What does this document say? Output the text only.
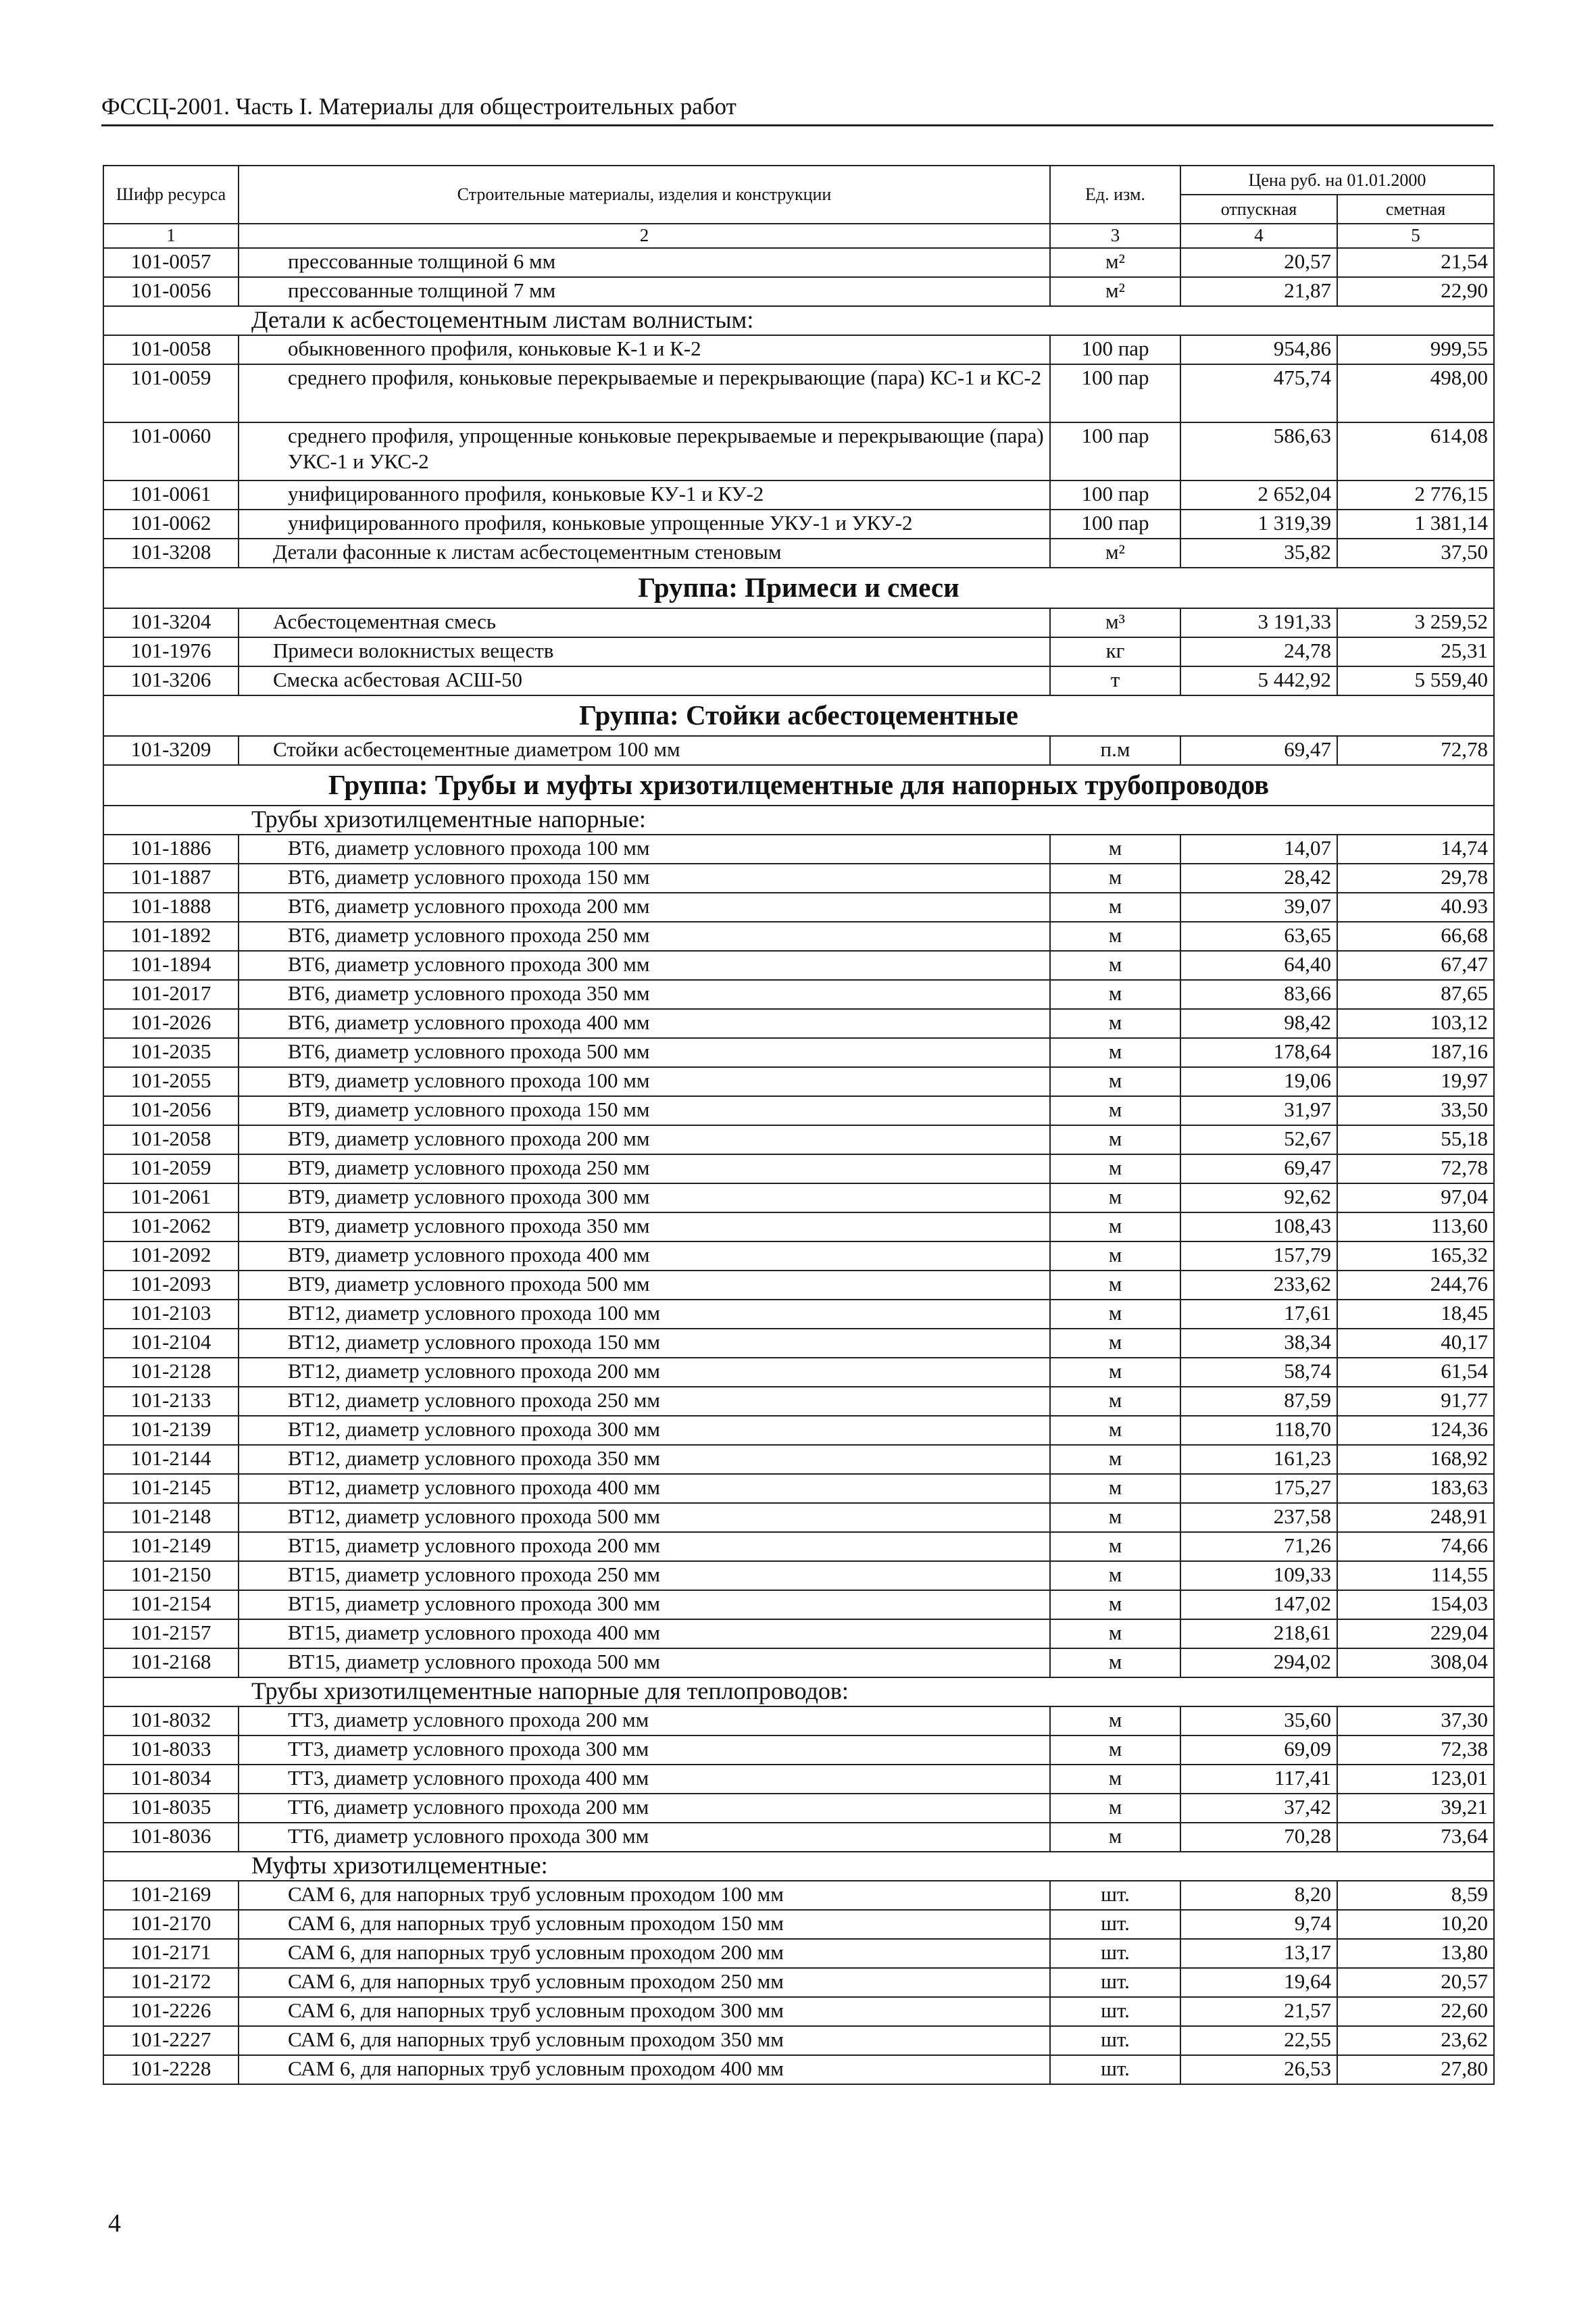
ФССЦ-2001. Часть I. Материалы для общестроительных работ
Шифр ресурса	Строительные материалы, изделия и конструкции	Ед. изм.	Цена руб. на 01.01.2000	
			отпускная	сметная
1	2	3	4	5
101-0057	прессованные толщиной 6 мм	м²	20,57	21,54
101-0056	прессованные толщиной 7 мм	м²	21,87	22,90
Детали к асбестоцементным листам волнистым:				
101-0058	обыкновенного профиля, коньковые К-1 и К-2	100 пар	954,86	999,55
101-0059	среднего профиля, коньковые перекрываемые и перекрывающие (пара) КС-1 и КС-2	100 пар	475,74	498,00
101-0060	среднего профиля, упрощенные коньковые перекрываемые и перекрывающие (пара) УКС-1 и УКС-2	100 пар	586,63	614,08
101-0061	унифицированного профиля, коньковые КУ-1 и КУ-2	100 пар	2 652,04	2 776,15
101-0062	унифицированного профиля, коньковые упрощенные УКУ-1 и УКУ-2	100 пар	1 319,39	1 381,14
101-3208	Детали фасонные к листам асбестоцементным стеновым	м²	35,82	37,50
Группа: Примеси и смеси				
101-3204	Асбестоцементная смесь	м³	3 191,33	3 259,52
101-1976	Примеси волокнистых веществ	кг	24,78	25,31
101-3206	Смеска асбестовая АСШ-50	т	5 442,92	5 559,40
Группа: Стойки асбестоцементные				
101-3209	Стойки асбестоцементные диаметром 100 мм	п.м	69,47	72,78
Группа: Трубы и муфты хризотилцементные для напорных трубопроводов				
Трубы хризотилцементные напорные:				
101-1886	ВТ6, диаметр условного прохода 100 мм	м	14,07	14,74
101-1887	ВТ6, диаметр условного прохода 150 мм	м	28,42	29,78
101-1888	ВТ6, диаметр условного прохода 200 мм	м	39,07	40.93
101-1892	ВТ6, диаметр условного прохода 250 мм	м	63,65	66,68
101-1894	ВТ6, диаметр условного прохода 300 мм	м	64,40	67,47
101-2017	ВТ6, диаметр условного прохода 350 мм	м	83,66	87,65
101-2026	ВТ6, диаметр условного прохода 400 мм	м	98,42	103,12
101-2035	ВТ6, диаметр условного прохода 500 мм	м	178,64	187,16
101-2055	ВТ9, диаметр условного прохода 100 мм	м	19,06	19,97
101-2056	ВТ9, диаметр условного прохода 150 мм	м	31,97	33,50
101-2058	ВТ9, диаметр условного прохода 200 мм	м	52,67	55,18
101-2059	ВТ9, диаметр условного прохода 250 мм	м	69,47	72,78
101-2061	ВТ9, диаметр условного прохода 300 мм	м	92,62	97,04
101-2062	ВТ9, диаметр условного прохода 350 мм	м	108,43	113,60
101-2092	ВТ9, диаметр условного прохода 400 мм	м	157,79	165,32
101-2093	ВТ9, диаметр условного прохода 500 мм	м	233,62	244,76
101-2103	ВТ12, диаметр условного прохода 100 мм	м	17,61	18,45
101-2104	ВТ12, диаметр условного прохода 150 мм	м	38,34	40,17
101-2128	ВТ12, диаметр условного прохода 200 мм	м	58,74	61,54
101-2133	ВТ12, диаметр условного прохода 250 мм	м	87,59	91,77
101-2139	ВТ12, диаметр условного прохода 300 мм	м	118,70	124,36
101-2144	ВТ12, диаметр условного прохода 350 мм	м	161,23	168,92
101-2145	ВТ12, диаметр условного прохода 400 мм	м	175,27	183,63
101-2148	ВТ12, диаметр условного прохода 500 мм	м	237,58	248,91
101-2149	ВТ15, диаметр условного прохода 200 мм	м	71,26	74,66
101-2150	ВТ15, диаметр условного прохода 250 мм	м	109,33	114,55
101-2154	ВТ15, диаметр условного прохода 300 мм	м	147,02	154,03
101-2157	ВТ15, диаметр условного прохода 400 мм	м	218,61	229,04
101-2168	ВТ15, диаметр условного прохода 500 мм	м	294,02	308,04
Трубы хризотилцементные напорные для теплопроводов:				
101-8032	ТТ3, диаметр условного прохода 200 мм	м	35,60	37,30
101-8033	ТТ3, диаметр условного прохода 300 мм	м	69,09	72,38
101-8034	ТТ3, диаметр условного прохода 400 мм	м	117,41	123,01
101-8035	ТТ6, диаметр условного прохода 200 мм	м	37,42	39,21
101-8036	ТТ6, диаметр условного прохода 300 мм	м	70,28	73,64
Муфты хризотилцементные:				
101-2169	САМ 6, для напорных труб условным проходом 100 мм	шт.	8,20	8,59
101-2170	САМ 6, для напорных труб условным проходом 150 мм	шт.	9,74	10,20
101-2171	САМ 6, для напорных труб условным проходом 200 мм	шт.	13,17	13,80
101-2172	САМ 6, для напорных труб условным проходом 250 мм	шт.	19,64	20,57
101-2226	САМ 6, для напорных труб условным проходом 300 мм	шт.	21,57	22,60
101-2227	САМ 6, для напорных труб условным проходом 350 мм	шт.	22,55	23,62
101-2228	САМ 6, для напорных труб условным проходом 400 мм	шт.	26,53	27,80
4
